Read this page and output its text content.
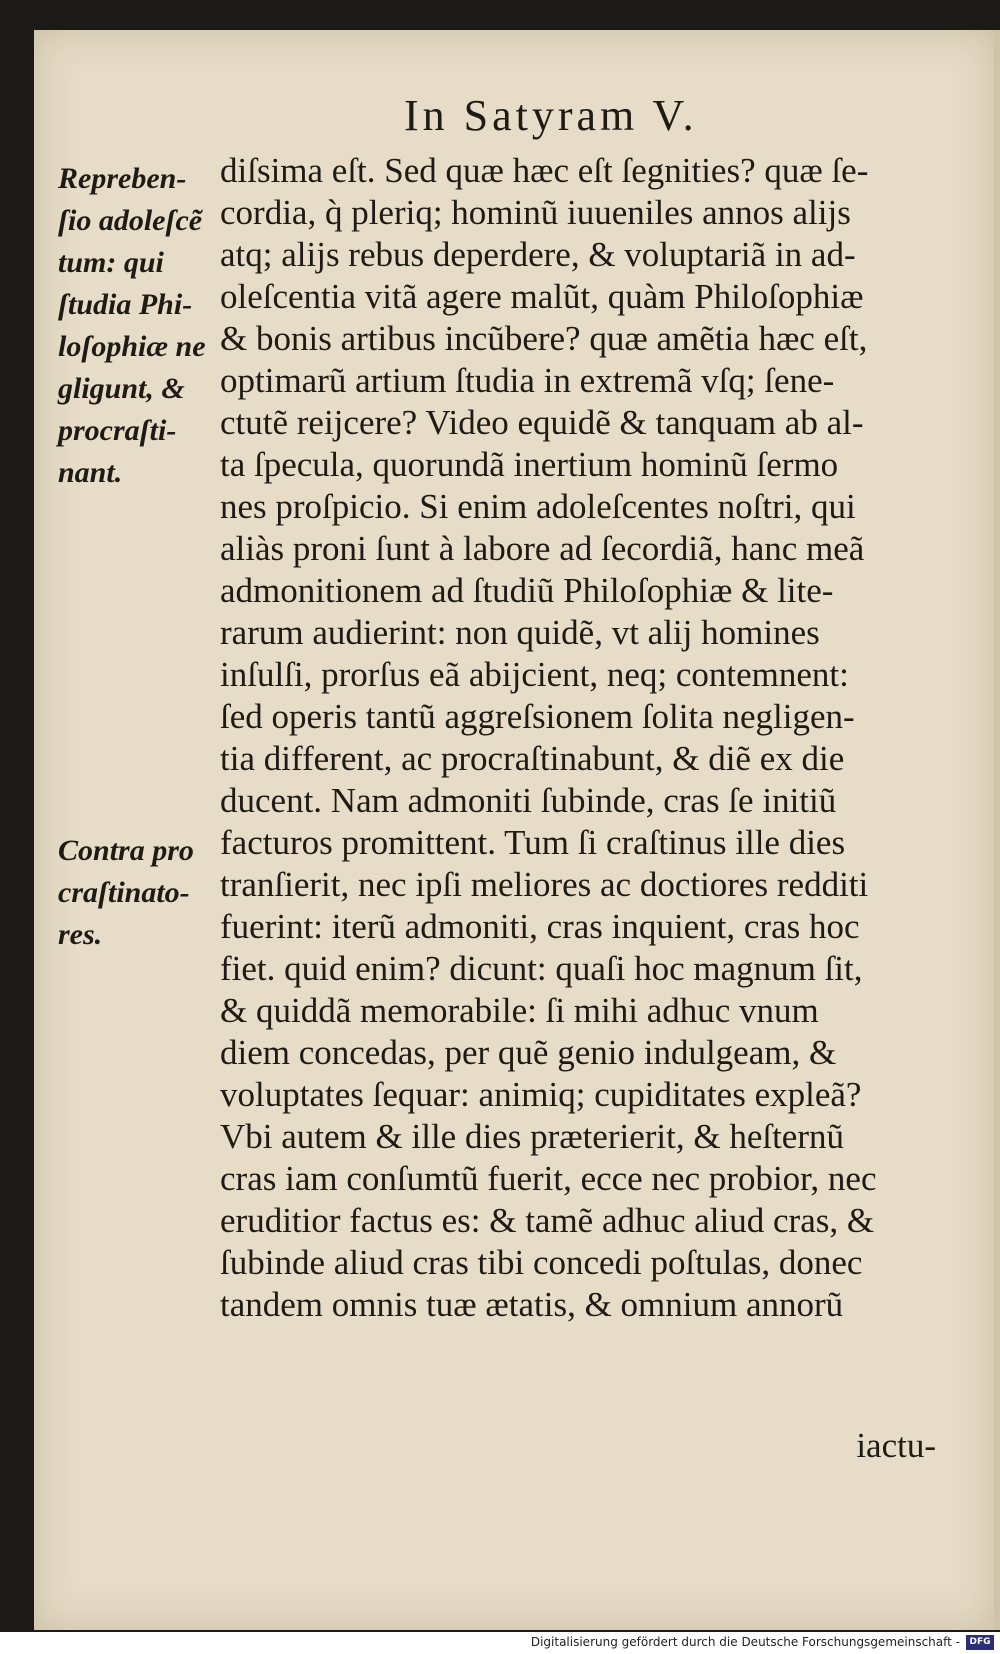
In Satyram V.
Repreben-
ſio adoleſcẽ
tum: qui
ſtudia Phi-
loſophiæ ne
gligunt, &
procraſti-
nant.
Contra pro
craſtinato-
res.
diſsima eſt. Sed quæ hæc eſt ſegnities? quæ ſe-
cordia, q̀ pleriq; hominũ iuueniles annos alijs
atq; alijs rebus deperdere, & voluptariã in ad-
oleſcentia vitã agere malũt, quàm Philoſophiæ
& bonis artibus incũbere? quæ amẽtia hæc eſt,
optimarũ artium ſtudia in extremã vſq; ſene-
ctutẽ reijcere? Video equidẽ & tanquam ab al-
ta ſpecula, quorundã inertium hominũ ſermo
nes proſpicio. Si enim adoleſcentes noſtri, qui
aliàs proni ſunt à labore ad ſecordiã, hanc meã
admonitionem ad ſtudiũ Philoſophiæ & lite-
rarum audierint: non quidẽ, vt alij homines
inſulſi, prorſus eã abijcient, neq; contemnent:
ſed operis tantũ aggreſsionem ſolita negligen-
tia different, ac procraſtinabunt, & diẽ ex die
ducent. Nam admoniti ſubinde, cras ſe initiũ
facturos promittent. Tum ſi craſtinus ille dies
tranſierit, nec ipſi meliores ac doctiores redditi
fuerint: iterũ admoniti, cras inquient, cras hoc
fiet. quid enim? dicunt: quaſi hoc magnum ſit,
& quiddã memorabile: ſi mihi adhuc vnum
diem concedas, per quẽ genio indulgeam, &
voluptates ſequar: animiq; cupiditates expleã?
Vbi autem & ille dies præterierit, & heſternũ
cras iam conſumtũ fuerit, ecce nec probior, nec
eruditior factus es: & tamẽ adhuc aliud cras, &
ſubinde aliud cras tibi concedi poſtulas, donec
tandem omnis tuæ ætatis, & omnium annorũ
iactu-
Digitalisierung gefördert durch die Deutsche Forschungsgemeinschaft -	DFG
